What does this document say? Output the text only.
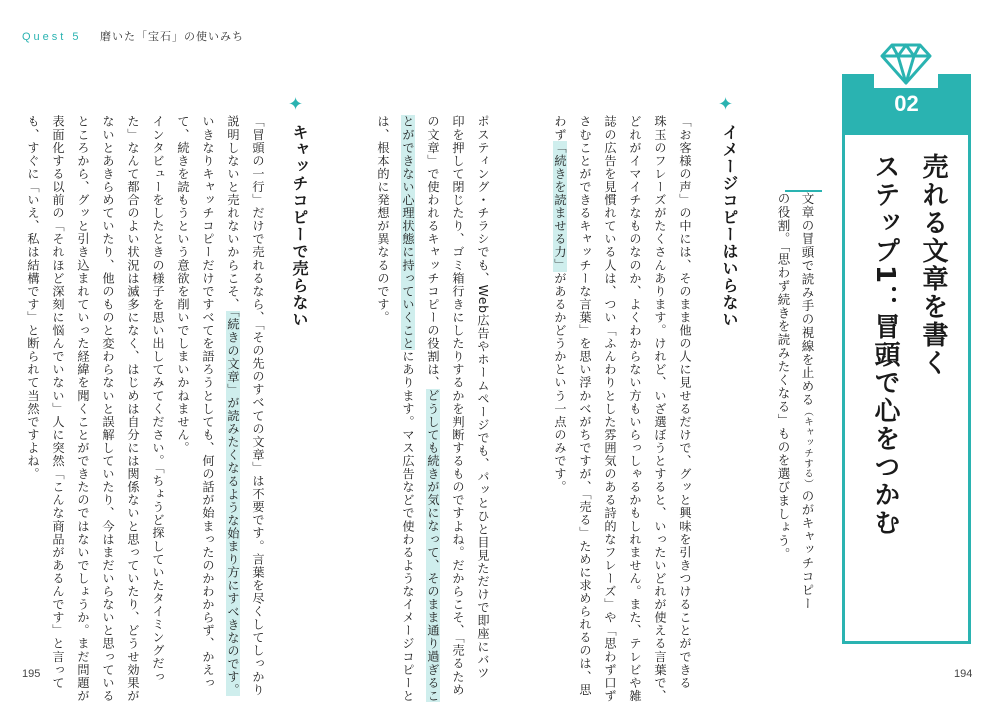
Quest 5 磨いた「宝石」の使いみち
02
売れる文章を書く
ステップ1：冒頭で心をつかむ
文章の冒頭で読み手の視線を止める（キャッチする）のがキャッチコピー
の役割。「思わず続きを読みたくなる」ものを選びましょう。
✦
イメージコピーはいらない
「お客様の声」の中には、そのまま他の人に見せるだけで、グッと興味を引きつけることができる
珠玉のフレーズがたくさんあります。けれど、いざ選ぼうとすると、いったいどれが使える言葉で、
どれがイマイチなものなのか、よくわからない方もいらっしゃるかもしれません。また、テレビや雑
誌の広告を見慣れている人は、つい「ふんわりとした雰囲気のある詩的なフレーズ」や「思わず口ず
さむことができるキャッチーな言葉」を思い浮かべがちですが、「売る」ために求められるのは、思
わず「続きを読ませる力」があるかどうかという一点のみです。
ポスティング・チラシでも、Web広告やホームページでも、パッとひと目見ただけで即座にバツ
印を押して閉じたり、ゴミ箱行きにしたりするかを判断するものですよね。だからこそ、「売るため
の文章」で使われるキャッチコピーの役割は、どうしても続きが気になって、そのまま通り過ぎるこ
とができない心理状態に持っていくことにあります。マス広告などで使わるようなイメージコピーと
は、根本的に発想が異なるのです。
✦
キャッチコピーで売らない
「冒頭の一行」だけで売れるなら、「その先のすべての文章」は不要です。言葉を尽くしてしっかり
説明しないと売れないからこそ、「続きの文章」が読みたくなるような始まり方にすべきなのです。
いきなりキャッチコピーだけですべてを語ろうとしても、何の話が始まったのかわからず、かえっ
て、続きを読もうという意欲を削いでしまいかねません。
インタビューをしたときの様子を思い出してみてください。「ちょうど探していたタイミングだっ
た」なんて都合のよい状況は滅多になく、はじめは自分には関係ないと思っていたり、どうせ効果が
ないとあきらめていたり、他のものと変わらないと誤解していたり、今はまだいらないと思っている
ところから、グッと引き込まれていった経緯を聞くことができたのではないでしょうか。まだ問題が
表面化する以前の「それほど深刻に悩んでいない」人に突然「こんな商品があるんです」と言って
も、すぐに「いえ、私は結構です」と断られて当然ですよね。
195	194
